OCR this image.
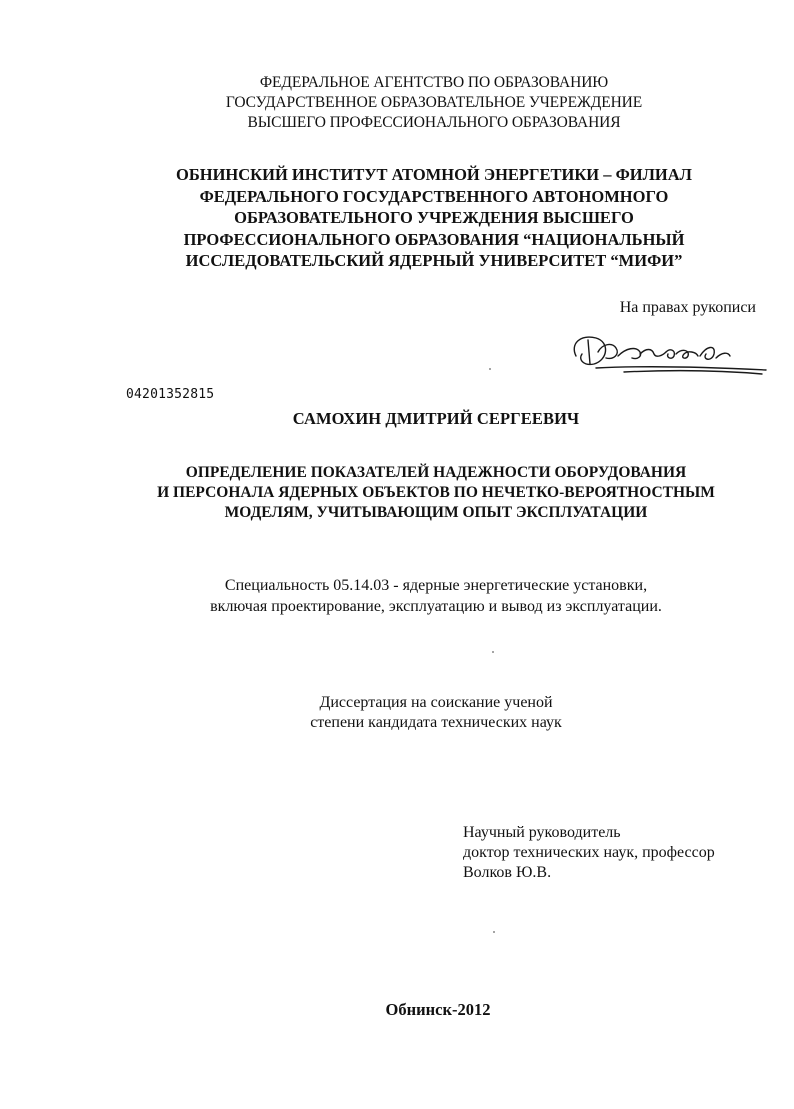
ФЕДЕРАЛЬНОЕ АГЕНТСТВО ПО ОБРАЗОВАНИЮ
ГОСУДАРСТВЕННОЕ ОБРАЗОВАТЕЛЬНОЕ УЧЕРЕЖДЕНИЕ
ВЫСШЕГО ПРОФЕССИОНАЛЬНОГО ОБРАЗОВАНИЯ
ОБНИНСКИЙ ИНСТИТУТ АТОМНОЙ ЭНЕРГЕТИКИ – ФИЛИАЛ
ФЕДЕРАЛЬНОГО ГОСУДАРСТВЕННОГО АВТОНОМНОГО
ОБРАЗОВАТЕЛЬНОГО УЧРЕЖДЕНИЯ ВЫСШЕГО
ПРОФЕССИОНАЛЬНОГО ОБРАЗОВАНИЯ “НАЦИОНАЛЬНЫЙ
ИССЛЕДОВАТЕЛЬСКИЙ ЯДЕРНЫЙ УНИВЕРСИТЕТ “МИФИ”
На правах рукописи
04201352815
САМОХИН ДМИТРИЙ СЕРГЕЕВИЧ
ОПРЕДЕЛЕНИЕ ПОКАЗАТЕЛЕЙ НАДЕЖНОСТИ ОБОРУДОВАНИЯ
И ПЕРСОНАЛА ЯДЕРНЫХ ОБЪЕКТОВ ПО НЕЧЕТКО-ВЕРОЯТНОСТНЫМ
МОДЕЛЯМ, УЧИТЫВАЮЩИМ ОПЫТ ЭКСПЛУАТАЦИИ
Специальность 05.14.03 - ядерные энергетические установки,
включая проектирование, эксплуатацию и вывод из эксплуатации.
Диссертация на соискание ученой
степени кандидата технических наук
Научный руководитель
доктор технических наук, профессор
Волков Ю.В.
Обнинск-2012
